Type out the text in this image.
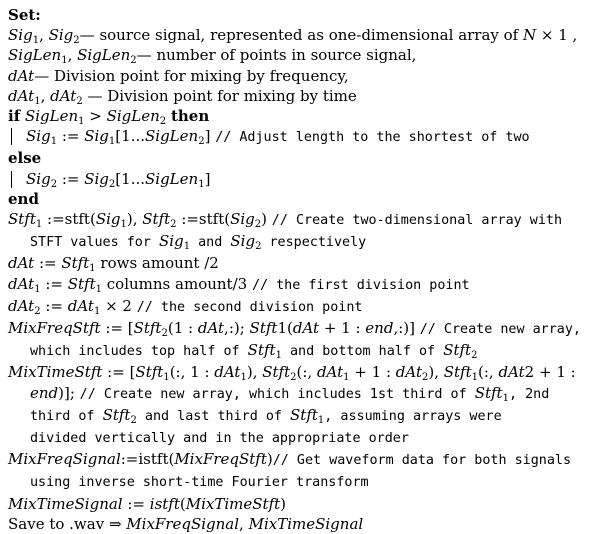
Set:
Sig$_1$, Sig$_2$— source signal, represented as one-dimensional array of N × 1 ,
SigLen$_1$, SigLen$_2$— number of points in source signal,
dAt— Division point for mixing by frequency,
dAt$_1$, dAt$_2$ — Division point for mixing by time
if SigLen$_1$ > SigLen$_2$ then
Sig$_1$ := Sig$_1$[1...SigLen$_2$] // Adjust length to the shortest of two
else
Sig$_2$ := Sig$_2$[1...SigLen$_1$]
end
Stft$_1$ :=stft(Sig$_1$), Stft$_2$ :=stft(Sig$_2$) // Create two-dimensional array with
STFT values for Sig$_1$ and Sig$_2$ respectively
dAt := Stft$_1$ rows amount /2
dAt$_1$ := Stft$_1$ columns amount/3 // the first division point
dAt$_2$ := dAt$_1$ × 2 // the second division point
MixFreqStft := [Stft$_2$(1 : dAt,:); Stft1(dAt + 1 : end,:)] // Create new array,
which includes top half of Stft$_1$ and bottom half of Stft$_2$
MixTimeStft := [Stft$_1$(:, 1 : dAt$_1$), Stft$_2$(:, dAt$_1$ + 1 : dAt$_2$), Stft$_1$(:, dAt2 + 1 :
end)]; // Create new array, which includes 1st third of Stft$_1$, 2nd
third of Stft$_2$ and last third of Stft$_1$, assuming arrays were
divided vertically and in the appropriate order
MixFreqSignal:=istft(MixFreqStft)// Get waveform data for both signals
using inverse short-time Fourier transform
MixTimeSignal := istft(MixTimeStft)
Save to .wav ⇒ MixFreqSignal, MixTimeSignal
